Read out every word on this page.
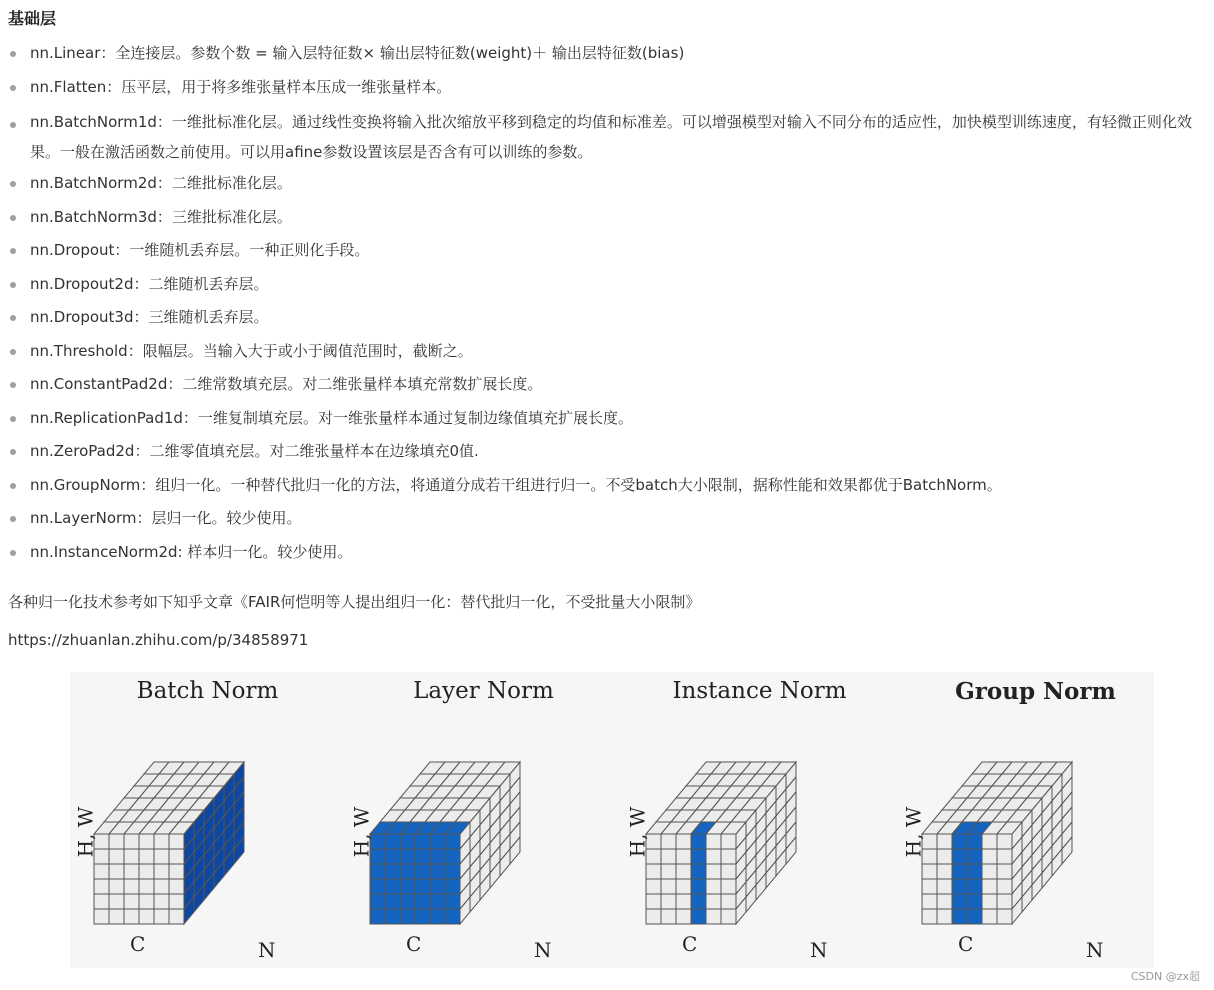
基础层
nn.Linear：全连接层。参数个数 = 输入层特征数× 输出层特征数(weight)＋ 输出层特征数(bias)
nn.Flatten：压平层，用于将多维张量样本压成一维张量样本。
nn.BatchNorm1d：一维批标准化层。通过线性变换将输入批次缩放平移到稳定的均值和标准差。可以增强模型对输入不同分布的适应性，加快模型训练速度，有轻微正则化效果。一般在激活函数之前使用。可以用afine参数设置该层是否含有可以训练的参数。
nn.BatchNorm2d：二维批标准化层。
nn.BatchNorm3d：三维批标准化层。
nn.Dropout：一维随机丢弃层。一种正则化手段。
nn.Dropout2d：二维随机丢弃层。
nn.Dropout3d：三维随机丢弃层。
nn.Threshold：限幅层。当输入大于或小于阈值范围时，截断之。
nn.ConstantPad2d：二维常数填充层。对二维张量样本填充常数扩展长度。
nn.ReplicationPad1d：一维复制填充层。对一维张量样本通过复制边缘值填充扩展长度。
nn.ZeroPad2d：二维零值填充层。对二维张量样本在边缘填充0值.
nn.GroupNorm：组归一化。一种替代批归一化的方法，将通道分成若干组进行归一。不受batch大小限制，据称性能和效果都优于BatchNorm。
nn.LayerNorm：层归一化。较少使用。
nn.InstanceNorm2d: 样本归一化。较少使用。
各种归一化技术参考如下知乎文章《FAIR何恺明等人提出组归一化：替代批归一化，不受批量大小限制》
https://zhuanlan.zhihu.com/p/34858971
Batch Norm
H, W
C	N
Layer Norm
H, W
C	N
Instance Norm
H, W
C	N
Group Norm
H, W
C	N
CSDN @zx超
